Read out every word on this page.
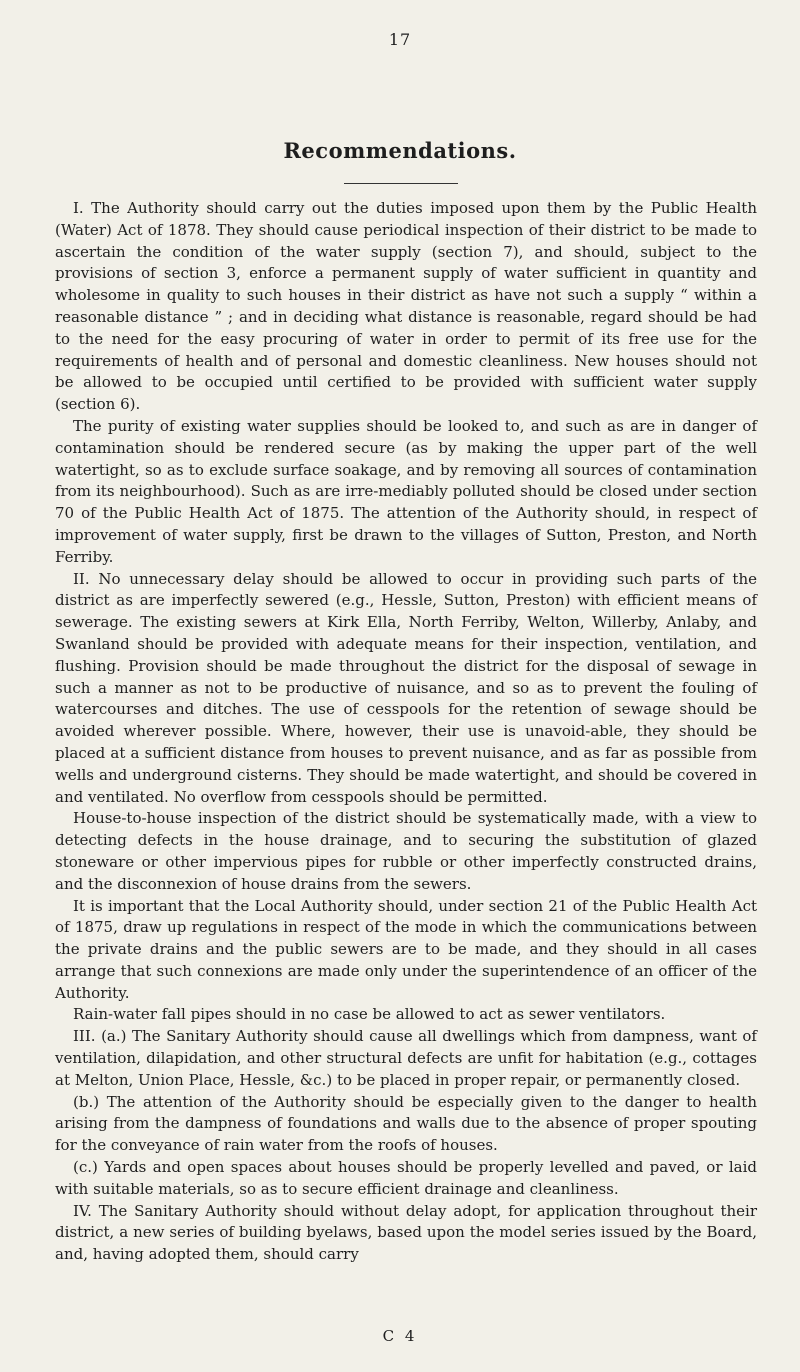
17
Recommendations.

I. The Authority should carry out the duties imposed upon them by the Public Health (Water) Act of 1878. They should cause periodical inspection of their district to be made to ascertain the condition of the water supply (section 7), and should, subject to the provisions of section 3, enforce a permanent supply of water sufficient in quantity and wholesome in quality to such houses in their district as have not such a supply “ within a reasonable distance ” ; and in deciding what distance is reasonable, regard should be had to the need for the easy procuring of water in order to permit of its free use for the requirements of health and of personal and domestic cleanliness. New houses should not be allowed to be occupied until certified to be provided with sufficient water supply (section 6).

The purity of existing water supplies should be looked to, and such as are in danger of contamination should be rendered secure (as by making the upper part of the well watertight, so as to exclude surface soakage, and by removing all sources of contamination from its neighbourhood). Such as are irre-mediably polluted should be closed under section 70 of the Public Health Act of 1875. The attention of the Authority should, in respect of improvement of water supply, first be drawn to the villages of Sutton, Preston, and North Ferriby.

II. No unnecessary delay should be allowed to occur in providing such parts of the district as are imperfectly sewered (e.g., Hessle, Sutton, Preston) with efficient means of sewerage. The existing sewers at Kirk Ella, North Ferriby, Welton, Willerby, Anlaby, and Swanland should be provided with adequate means for their inspection, ventilation, and flushing. Provision should be made throughout the district for the disposal of sewage in such a manner as not to be productive of nuisance, and so as to prevent the fouling of watercourses and ditches. The use of cesspools for the retention of sewage should be avoided wherever possible. Where, however, their use is unavoid-able, they should be placed at a sufficient distance from houses to prevent nuisance, and as far as possible from wells and underground cisterns. They should be made watertight, and should be covered in and ventilated. No overflow from cesspools should be permitted.

House-to-house inspection of the district should be systematically made, with a view to detecting defects in the house drainage, and to securing the substitution of glazed stoneware or other impervious pipes for rubble or other imperfectly constructed drains, and the disconnexion of house drains from the sewers.

It is important that the Local Authority should, under section 21 of the Public Health Act of 1875, draw up regulations in respect of the mode in which the communications between the private drains and the public sewers are to be made, and they should in all cases arrange that such connexions are made only under the superintendence of an officer of the Authority.

Rain-water fall pipes should in no case be allowed to act as sewer ventilators.

III. (a.) The Sanitary Authority should cause all dwellings which from dampness, want of ventilation, dilapidation, and other structural defects are unfit for habitation (e.g., cottages at Melton, Union Place, Hessle, &c.) to be placed in proper repair, or permanently closed.

(b.) The attention of the Authority should be especially given to the danger to health arising from the dampness of foundations and walls due to the absence of proper spouting for the conveyance of rain water from the roofs of houses.

(c.) Yards and open spaces about houses should be properly levelled and paved, or laid with suitable materials, so as to secure efficient drainage and cleanliness.

IV. The Sanitary Authority should without delay adopt, for application throughout their district, a new series of building byelaws, based upon the model series issued by the Board, and, having adopted them, should carry

C 4
